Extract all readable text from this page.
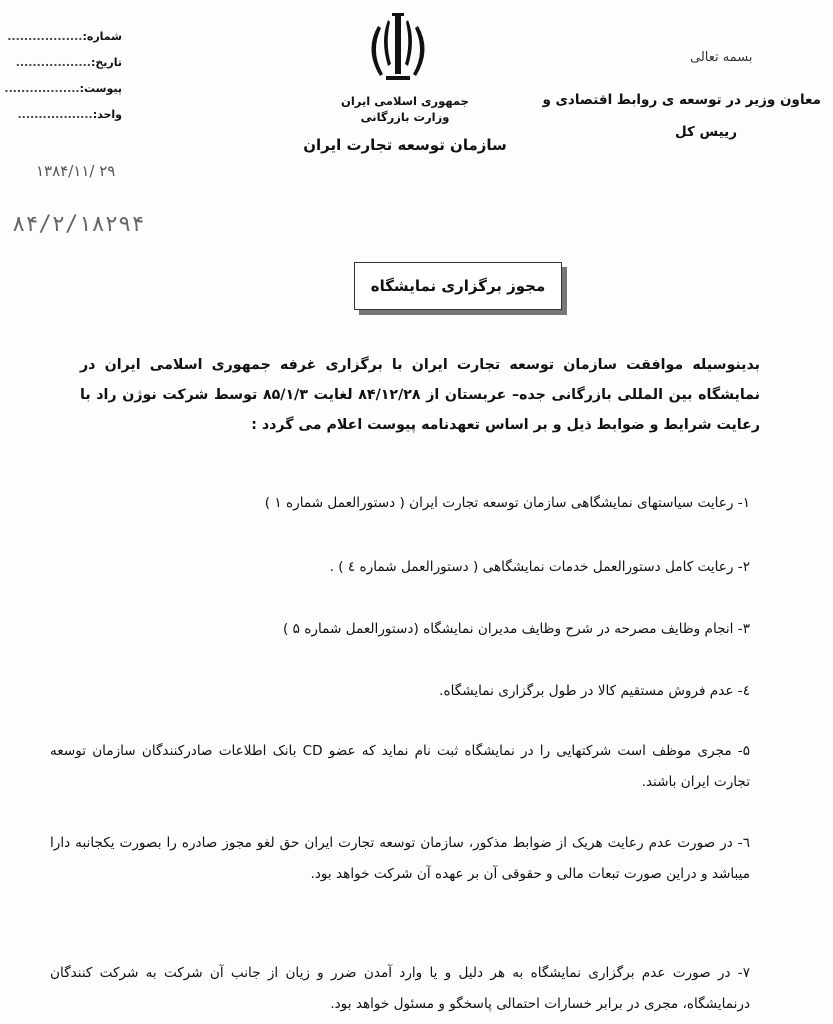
شماره:..................
تاریخ:..................
پیوست:..................
واحد:..................
جمهوری اسلامی ایران
وزارت بازرگانی
سازمان توسعه تجارت ایران
بسمه تعالی
معاون وزیر در توسعه ی روابط اقتصادی و
رییس کل
۱۳۸۴/۱۱/ ۲۹
۸۴/۲/۱۸۲۹۴
مجوز برگزاری نمایشگاه
بدینوسیله موافقت سازمان توسعه تجارت ایران با برگزاری غرفه جمهوری اسلامی ایران در نمایشگاه بین المللی بازرگانی جده– عربستان از ۸۴/۱۲/۲۸ لغایت ۸۵/۱/۳ توسط شرکت نوژن راد با رعایت شرایط و ضوابط ذیل و بر اساس تعهدنامه پیوست اعلام می گردد :
۱- رعایت سیاستهای نمایشگاهی سازمان توسعه تجارت ایران ( دستورالعمل شماره ۱ )
۲- رعایت کامل دستورالعمل خدمات نمایشگاهی ( دستورالعمل شماره ٤ ) .
۳- انجام وظایف مصرحه در شرح وظایف مدیران نمایشگاه (دستورالعمل شماره ۵ )
٤- عدم فروش مستقیم کالا در طول برگزاری نمایشگاه.
۵- مجری موظف است شرکتهایی را در نمایشگاه ثبت نام نماید که عضو CD بانک اطلاعات صادرکنندگان سازمان توسعه تجارت ایران باشند.
٦- در صورت عدم رعایت هریک از ضوابط مذکور، سازمان توسعه تجارت ایران حق لغو مجوز صادره را بصورت یکجانبه دارا میباشد و دراین صورت تبعات مالی و حقوقی آن بر عهده آن شرکت خواهد بود.
۷- در صورت عدم برگزاری نمایشگاه به هر دلیل و یا وارد آمدن ضرر و زیان از جانب آن شرکت به شرکت کنندگان درنمایشگاه، مجری در برابر خسارات احتمالی پاسخگو و مسئول خواهد بود.
